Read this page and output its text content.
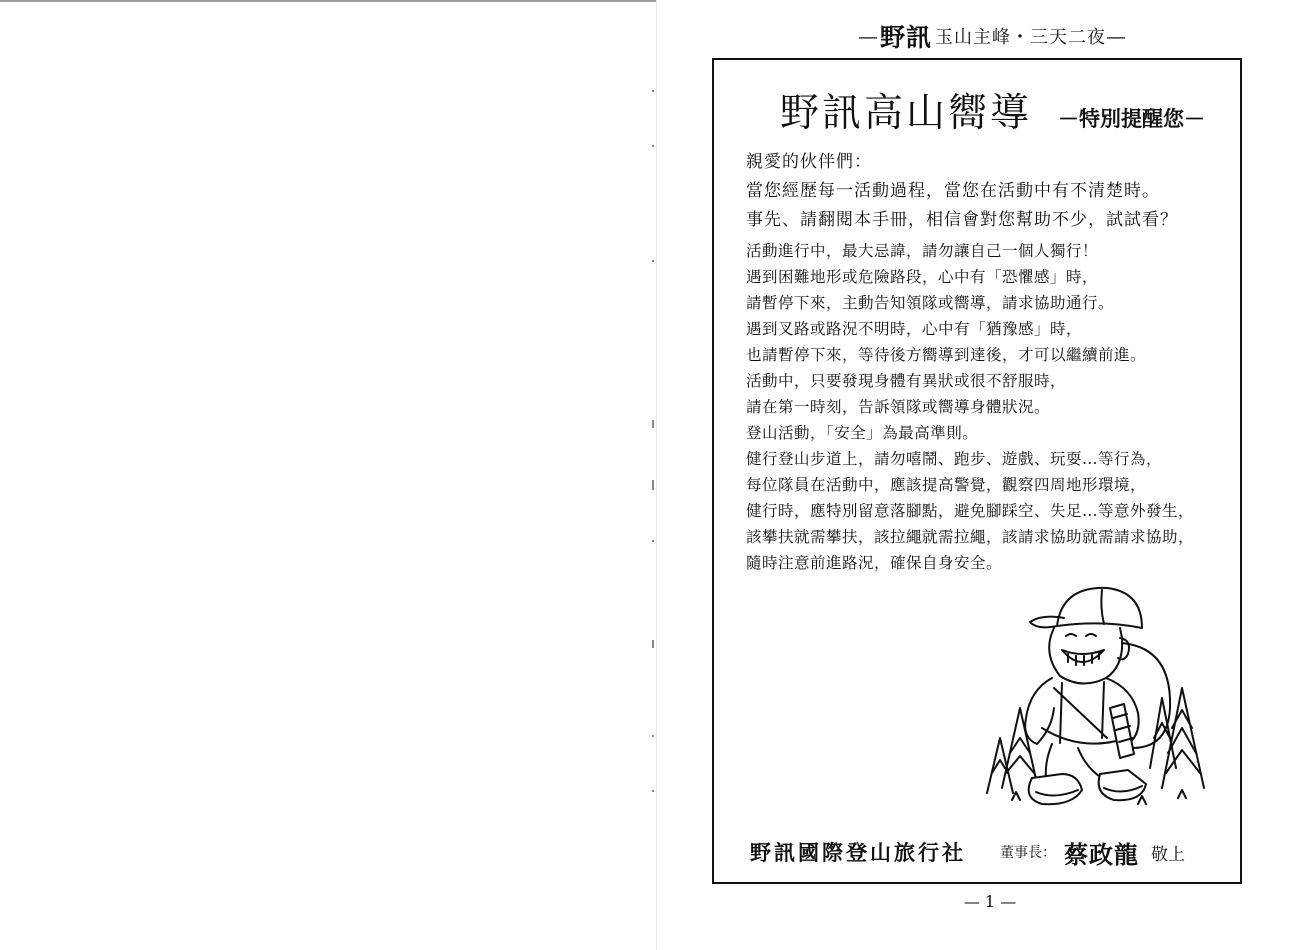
— 野訊 玉山主峰・三天二夜 —
野訊高山嚮導 －特別提醒您－
親愛的伙伴們：
當您經歷每一活動過程，當您在活動中有不清楚時。
事先、請翻閱本手冊，相信會對您幫助不少，試試看？
活動進行中，最大忌諱，請勿讓自己一個人獨行！
遇到困難地形或危險路段，心中有「恐懼感」時，
請暫停下來，主動告知領隊或嚮導，請求協助通行。
遇到叉路或路況不明時，心中有「猶豫感」時，
也請暫停下來，等待後方嚮導到達後，才可以繼續前進。
活動中，只要發現身體有異狀或很不舒服時，
請在第一時刻，告訴領隊或嚮導身體狀況。
登山活動，「安全」為最高準則。
健行登山步道上，請勿嘻鬧、跑步、遊戲、玩耍…等行為，
每位隊員在活動中，應該提高警覺，觀察四周地形環境，
健行時，應特別留意落腳點，避免腳踩空、失足…等意外發生，
該攀扶就需攀扶，該拉繩就需拉繩，該請求協助就需請求協助，
隨時注意前進路況，確保自身安全。
野訊國際登山旅行社 董事長： 蔡政龍 敬上
— 1 —
